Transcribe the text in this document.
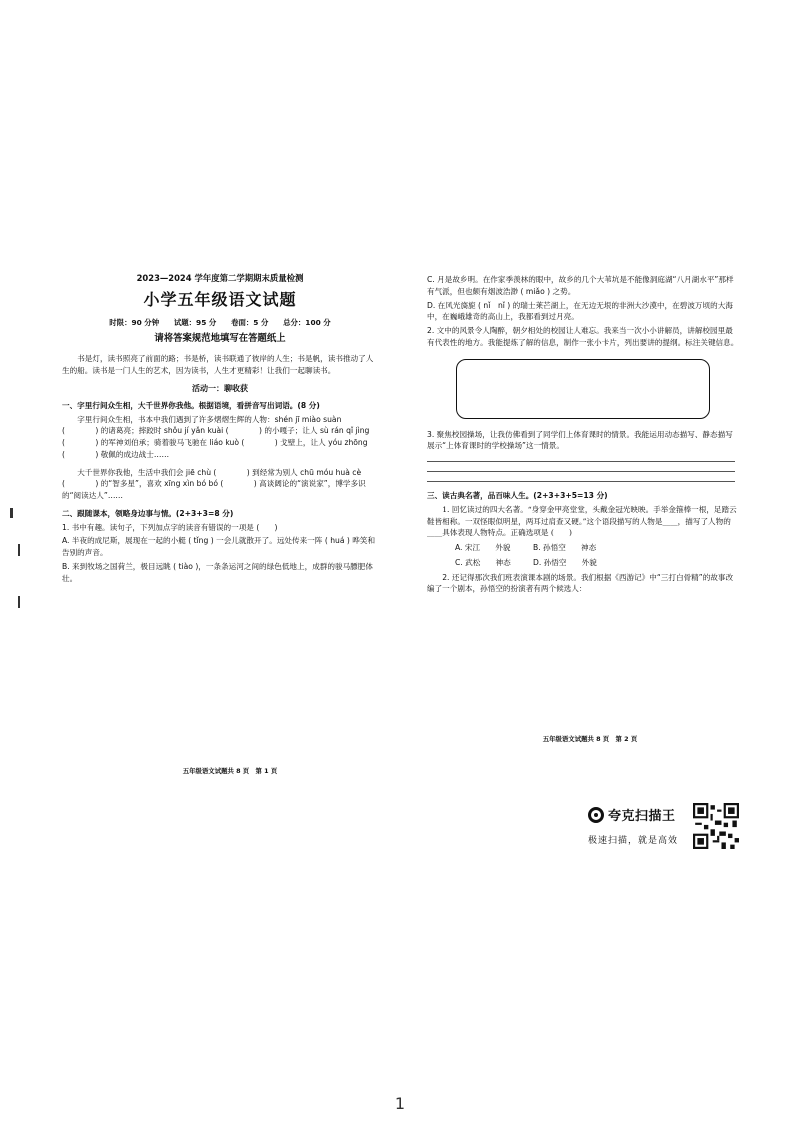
2023—2024 学年度第二学期期末质量检测
小学五年级语文试题
时限：90 分钟　　试题：95 分　　卷面：5 分　　总分：100 分
请将答案规范地填写在答题纸上
书是灯，读书照亮了前面的路；书是桥，读书联通了彼岸的人生；书是帆，读书推动了人生的船。读书是一门人生的艺术，因为读书，人生才更精彩！让我们一起聊读书。
活动一：聊收获
一、字里行间众生相，大千世界你我他。根据语境，看拼音写出词语。(8 分)
字里行间众生相，书本中我们遇到了许多熠熠生辉的人物：shén jī miào suàn (　　　　) 的诸葛亮；摔跤时 shǒu jí yǎn kuài (　　　　) 的小嘎子；让人 sù rán qǐ jìng (　　　　) 的军神刘伯承；骑着骏马飞驰在 liáo kuò (　　　　) 戈壁上，让人 yóu zhōng (　　　　) 敬佩的成边战士……
大千世界你我他，生活中我们会 jiē chù (　　　　) 到经常为别人 chū móu huà cè (　　　　) 的“智多星”，喜欢 xīng xìn bó bó (　　　　) 高谈阔论的“演说家”，博学多识的“阅读达人”……
二、跟随课本，领略身边事与情。(2+3+3=8 分)
1. 书中有趣。读句子，下列加点字的读音有错误的一项是 (　　)
A. 半夜的成尼斯，展现在一起的小艇 ( tǐng ) 一会儿就散开了。远处传来一阵 ( huá ) 哗笑和告别的声音。
B. 来到牧场之国荷兰，极目远眺 ( tiào )，一条条运河之间的绿色低地上，成群的骏马膘肥体壮。
C. 月是故乡明。在作家季羡林的眼中，故乡的几个大苇坑是不能像洞庭湖“八月湖水平”那样有气派，但也颇有烟波浩渺 ( miǎo ) 之势。
D. 在风光旖旎 ( nǐ　nǐ ) 的瑞士莱芒湖上，在无边无垠的非洲大沙漠中，在碧波万顷的大海中，在巍峨雄奇的高山上，我都看到过月亮。
2. 文中的风景令人陶醉，朝夕相处的校园让人难忘。我来当一次小小讲解员，讲解校园里最有代表性的地方。我能提炼了解的信息，制作一张小卡片，列出要讲的提纲。标注关键信息。
3. 聚焦校园操场，让我仿佛看到了同学们上体育课时的情景。我能运用动态描写、静态描写展示“上体育课时的学校操场”这一情景。
三、读古典名著，品百味人生。(2+3+3+5=13 分)
1. 回忆读过的四大名著。“身穿金甲亮堂堂，头戴金冠光映映。手举金箍棒一根，足踏云鞋皆相称。一双怪眼似明星，两耳过肩查又硬。”这个语段描写的人物是____，描写了人物的____具体表现人物特点。正确选项是 (　　)
A. 宋江　　外貌	B. 孙悟空　　神态
C. 武松　　神态	D. 孙悟空　　外貌
2. 还记得那次我们班表演课本剧的场景。我们根据《西游记》中“三打白骨精”的故事改编了一个剧本，孙悟空的扮演者有两个候选人：
五年级语文试题共 8 页　第 1 页
五年级语文试题共 8 页　第 2 页
夸克扫描王
极速扫描，就是高效
1
